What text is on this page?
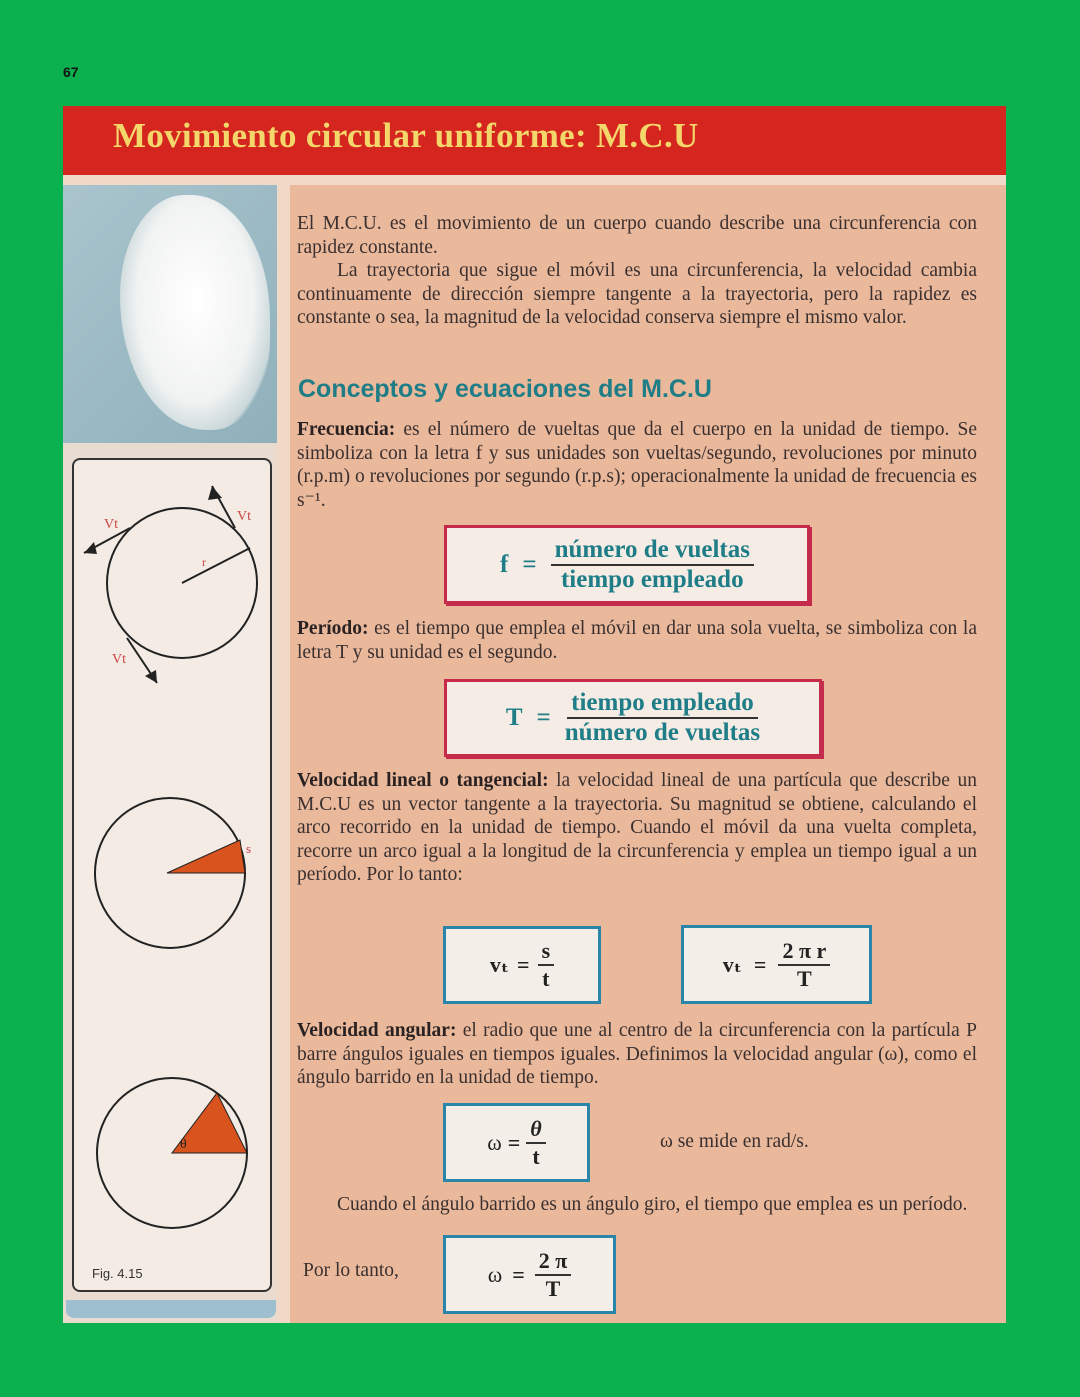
67
Movimiento circular uniforme: M.C.U
Vt
Vt
Vt
r
s
θ
Fig. 4.15
El M.C.U. es el movimiento de un cuerpo cuando describe una circunferencia con rapidez constante.
La trayectoria que sigue el móvil es una circunferencia, la velocidad cambia continuamente de dirección siempre tangente a la trayectoria, pero la rapidez es constante o sea, la magnitud de la velocidad conserva siempre el mismo valor.
Conceptos y ecuaciones del M.C.U
Frecuencia: es el número de vueltas que da el cuerpo en la unidad de tiempo. Se simboliza con la letra f y sus unidades son vueltas/segundo, revoluciones por minuto (r.p.m) o revoluciones por segundo (r.p.s); operacionalmente la unidad de frecuencia es s⁻¹.
$f = \frac{\text{número de vueltas}}{\text{tiempo empleado}}$
Período: es el tiempo que emplea el móvil en dar una sola vuelta, se simboliza con la letra T y su unidad es el segundo.
$T = \frac{\text{tiempo empleado}}{\text{número de vueltas}}$
Velocidad lineal o tangencial: la velocidad lineal de una partícula que describe un M.C.U es un vector tangente a la trayectoria. Su magnitud se obtiene, calculando el arco recorrido en la unidad de tiempo. Cuando el móvil da una vuelta completa, recorre un arco igual a la longitud de la circunferencia y emplea un tiempo igual a un período. Por lo tanto:
$v_t = \frac{s}{t}$	$v_t = \frac{\text{2 π r}}{T}$
Velocidad angular: el radio que une al centro de la circunferencia con la partícula P barre ángulos iguales en tiempos iguales. Definimos la velocidad angular (ω), como el ángulo barrido en la unidad de tiempo.
$\omega = \frac{\theta}{t}$	ω se mide en rad/s.
Cuando el ángulo barrido es un ángulo giro, el tiempo que emplea es un período.
Por lo tanto,	$\omega = \frac{2 \pi}{T}$
